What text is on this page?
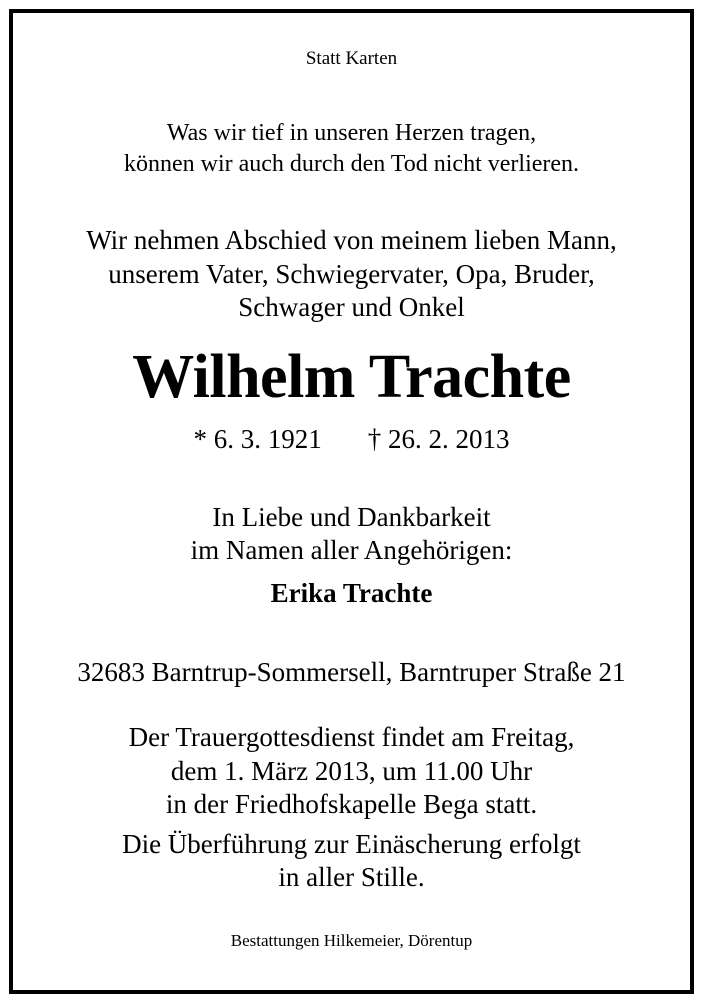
Statt Karten
Was wir tief in unseren Herzen tragen,
können wir auch durch den Tod nicht verlieren.
Wir nehmen Abschied von meinem lieben Mann,
unserem Vater, Schwiegervater, Opa, Bruder,
Schwager und Onkel
Wilhelm Trachte
* 6. 3. 1921 † 26. 2. 2013
In Liebe und Dankbarkeit
im Namen aller Angehörigen:
Erika Trachte
32683 Barntrup-Sommersell, Barntruper Straße 21
Der Trauergottesdienst findet am Freitag,
dem 1. März 2013, um 11.00 Uhr
in der Friedhofskapelle Bega statt.
Die Überführung zur Einäscherung erfolgt
in aller Stille.
Bestattungen Hilkemeier, Dörentup
